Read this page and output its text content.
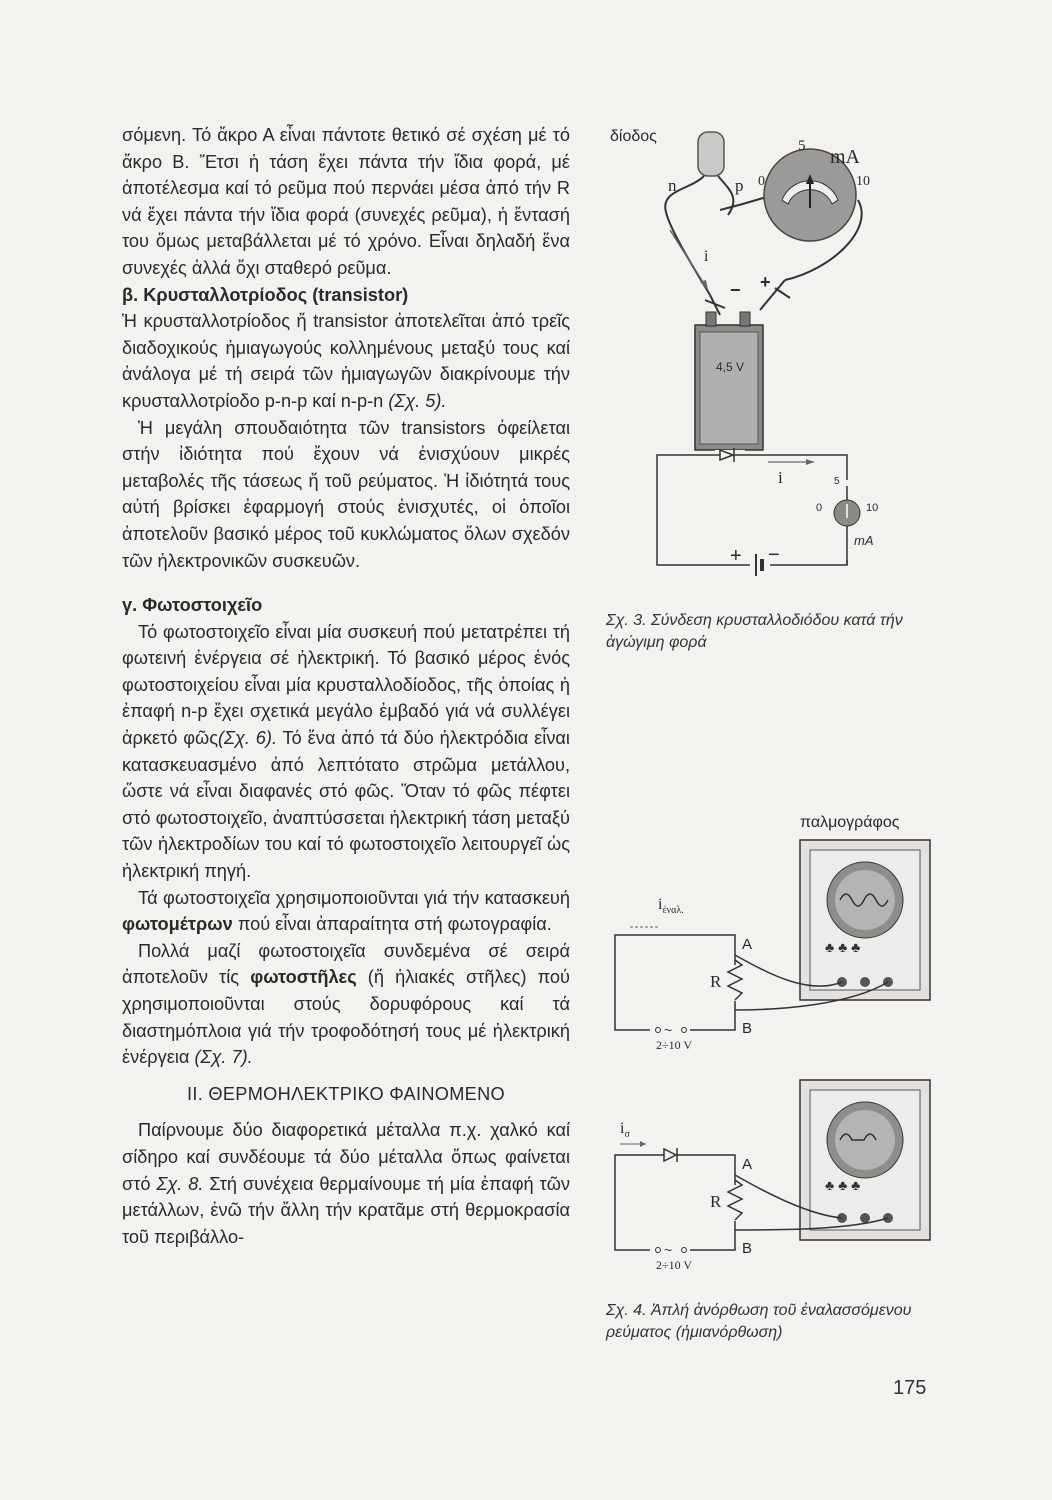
σόμενη. Τό ἄκρο Α εἶναι πάντοτε θετικό σέ σχέση μέ τό ἄκρο Β. Ἔτσι ἡ τάση ἔχει πάντα τήν ἴδια φορά, μέ ἀποτέλεσμα καί τό ρεῦμα πού περνάει μέσα ἀπό τήν R νά ἔχει πάντα τήν ἴδια φορά (συνεχές ρεῦμα), ἡ ἔντασή του ὅμως μεταβάλλεται μέ τό χρόνο. Εἶναι δηλαδή ἕνα συνεχές ἀλλά ὄχι σταθερό ρεῦμα.

β. Κρυσταλλοτρίοδος (transistor)

Ἡ κρυσταλλοτρίοδος ἤ transistor ἀποτελεῖται ἀπό τρεῖς διαδοχικούς ἡμιαγωγούς κολλημένους μεταξύ τους καί ἀνάλογα μέ τή σειρά τῶν ἡμιαγωγῶν διακρίνουμε τήν κρυσταλλοτρίοδο p-n-p καί n-p-n (Σχ. 5).

Ἡ μεγάλη σπουδαιότητα τῶν transistors ὀφείλεται στήν ἰδιότητα πού ἔχουν νά ἐνισχύουν μικρές μεταβολές τῆς τάσεως ἤ τοῦ ρεύματος. Ἡ ἰδιότητά τους αὐτή βρίσκει ἐφαρμογή στούς ἐνισχυτές, οἱ ὁποῖοι ἀποτελοῦν βασικό μέρος τοῦ κυκλώματος ὅλων σχεδόν τῶν ἠλεκτρονικῶν συσκευῶν.

γ. Φωτοστοιχεῖο

Τό φωτοστοιχεῖο εἶναι μία συσκευή πού μετατρέπει τή φωτεινή ἐνέργεια σέ ἠλεκτρική. Τό βασικό μέρος ἑνός φωτοστοιχείου εἶναι μία κρυσταλλοδίοδος, τῆς ὁποίας ἡ ἐπαφή n-p ἔχει σχετικά μεγάλο ἐμβαδό γιά νά συλλέγει ἀρκετό φῶς(Σχ. 6). Τό ἕνα ἀπό τά δύο ἠλεκτρόδια εἶναι κατασκευασμένο ἀπό λεπτότατο στρῶμα μετάλλου, ὥστε νά εἶναι διαφανές στό φῶς. Ὅταν τό φῶς πέφτει στό φωτοστοιχεῖο, ἀναπτύσσεται ἠλεκτρική τάση μεταξύ τῶν ἠλεκτροδίων του καί τό φωτοστοιχεῖο λειτουργεῖ ὡς ἠλεκτρική πηγή.

Τά φωτοστοιχεῖα χρησιμοποιοῦνται γιά τήν κατασκευή φωτομέτρων πού εἶναι ἀπαραίτητα στή φωτογραφία.

Πολλά μαζί φωτοστοιχεῖα συνδεμένα σέ σειρά ἀποτελοῦν τίς φωτοστῆλες (ἤ ἡλιακές στῆλες) πού χρησιμοποιοῦνται στούς δορυφόρους καί τά διαστημόπλοια γιά τήν τροφοδότησή τους μέ ἠλεκτρική ἐνέργεια (Σχ. 7).

ΙΙ. ΘΕΡΜΟΗΛΕΚΤΡΙΚΟ ΦΑΙΝΟΜΕΝΟ

Παίρνουμε δύο διαφορετικά μέταλλα π.χ. χαλκό καί σίδηρο καί συνδέουμε τά δύο μέταλλα ὅπως φαίνεται στό Σχ. 8. Στή συνέχεια θερμαίνουμε τή μία ἐπαφή τῶν μετάλλων, ἐνῶ τήν ἄλλη τήν κρατᾶμε στή θερμοκρασία τοῦ περιβάλλο-

δίοδος
n	p
i
− +
4,5 V
5 mA
0	10
i	5
0	10
mA
+ −
Σχ. 3. Σύνδεση κρυσταλλοδιόδου κατά τήν ἀγώγιμη φορά
♣ ♣ ♣
~
♣ ♣ ♣
~
παλμογράφος
$i_{ἐ\nu\alpha\lambda.}$
A
R
B
2÷10 V
$i_\sigma$
A
R
B
2÷10 V
Σχ. 4. Ἁπλή ἀνόρθωση τοῦ ἐναλασσόμενου ρεύματος (ἡμιανόρθωση)
175
